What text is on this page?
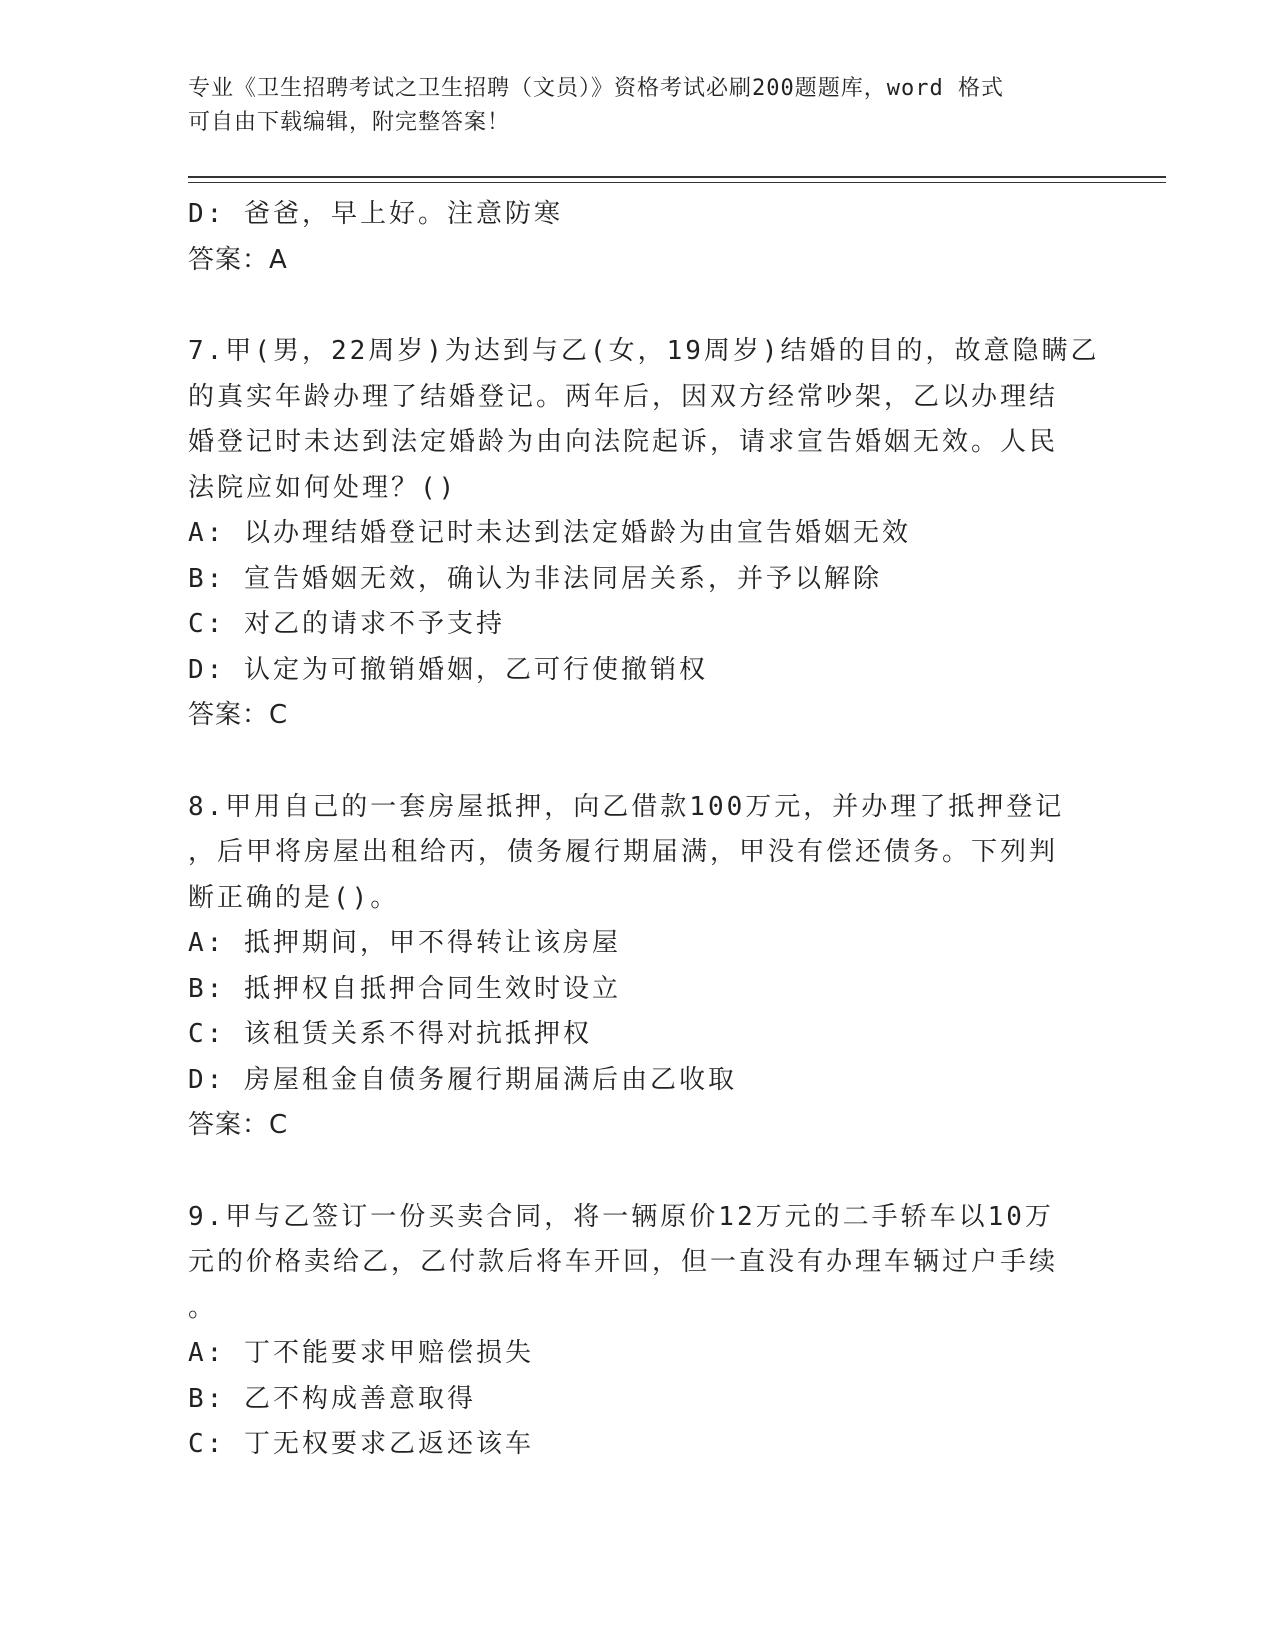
专业《卫生招聘考试之卫生招聘（文员）》资格考试必刷200题题库，word 格式
可自由下载编辑，附完整答案！
D: 爸爸，早上好。注意防寒
答案：A
7.甲(男，22周岁)为达到与乙(女，19周岁)结婚的目的，故意隐瞒乙
的真实年龄办理了结婚登记。两年后，因双方经常吵架，乙以办理结
婚登记时未达到法定婚龄为由向法院起诉，请求宣告婚姻无效。人民
法院应如何处理？()
A: 以办理结婚登记时未达到法定婚龄为由宣告婚姻无效
B: 宣告婚姻无效，确认为非法同居关系，并予以解除
C: 对乙的请求不予支持
D: 认定为可撤销婚姻，乙可行使撤销权
答案：C
8.甲用自己的一套房屋抵押，向乙借款100万元，并办理了抵押登记
，后甲将房屋出租给丙，债务履行期届满，甲没有偿还债务。下列判
断正确的是()。
A: 抵押期间，甲不得转让该房屋
B: 抵押权自抵押合同生效时设立
C: 该租赁关系不得对抗抵押权
D: 房屋租金自债务履行期届满后由乙收取
答案：C
9.甲与乙签订一份买卖合同，将一辆原价12万元的二手轿车以10万
元的价格卖给乙，乙付款后将车开回，但一直没有办理车辆过户手续
。
A: 丁不能要求甲赔偿损失
B: 乙不构成善意取得
C: 丁无权要求乙返还该车
